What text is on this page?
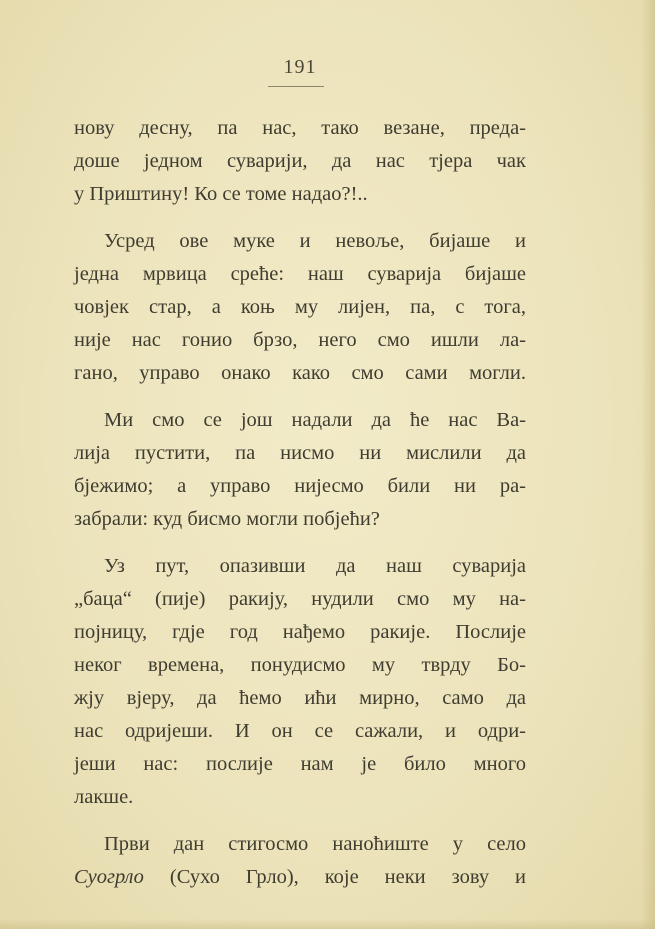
191
нову десну, па нас, тако везане, преда-
доше једном суварији, да нас тјера чак
у Приштину! Ко се томе надао?!..
Усред ове муке и невоље, бијаше и
једна мрвица среће: наш суварија бијаше
човјек стар, а коњ му лијен, па, с тога,
није нас гонио брзо, него смо ишли ла-
гано, управо онако како смо сами могли.
Ми смо се још надали да ће нас Ва-
лија пустити, па нисмо ни мислили да
бјежимо; а управо нијесмо били ни ра-
забрали: куд бисмо могли побјећи?
Уз пут, опазивши да наш суварија
„баца“ (пије) ракију, нудили смо му на-
појницу, гдје год нађемо ракије. Послије
неког времена, понудисмо му тврду Бо-
жју вјеру, да ћемо ићи мирно, само да
нас одријеши. И он се сажали, и одри-
јеши нас: послије нам је било много
лакше.
Први дан стигосмо наноћиште у село
Суогрло (Сухо Грло), које неки зову и
